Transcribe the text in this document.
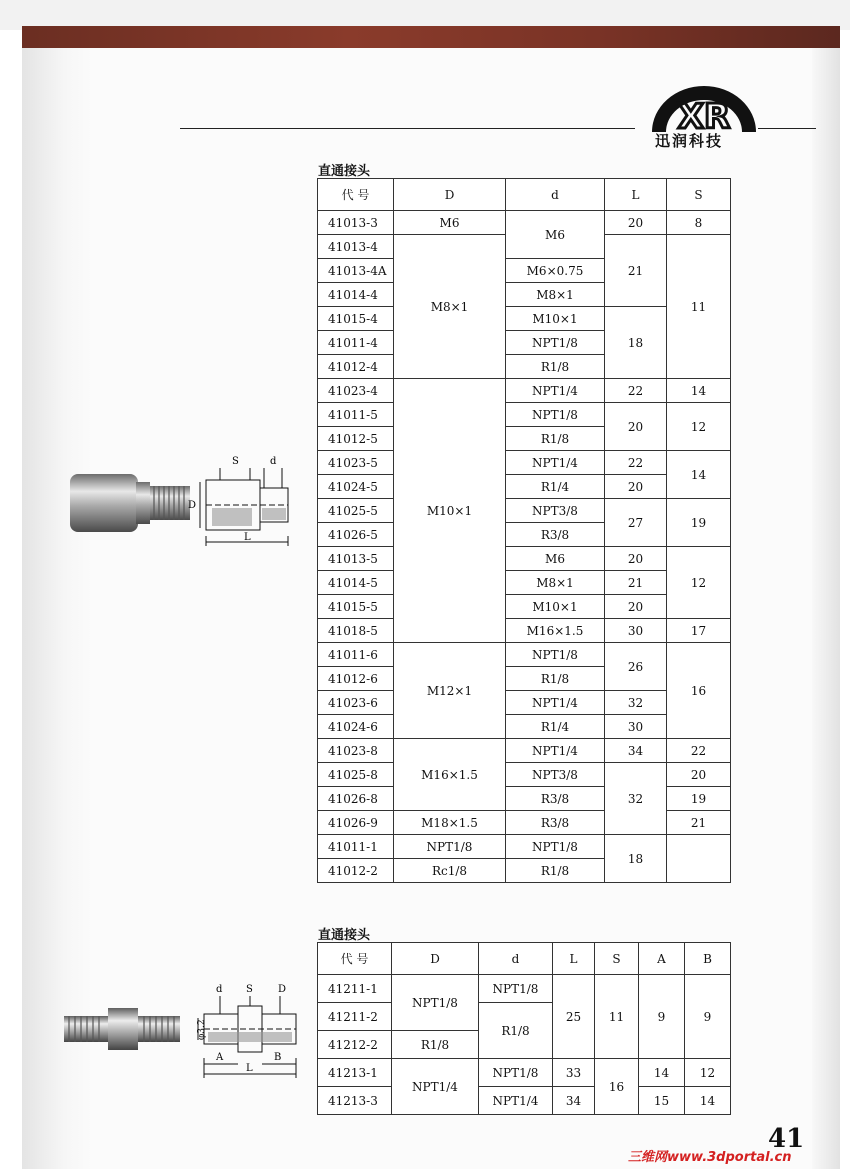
XR
迅润科技
直通接头
代 号	D	d	L	S
41013-3	M6	M6	20	8
41013-4	M8×1		21	11
41013-4A		M6×0.75		
41014-4		M8×1		
41015-4		M10×1	18	
41011-4		NPT1/8		
41012-4		R1/8		
41023-4	M10×1	NPT1/4	22	14
41011-5		NPT1/8	20	12
41012-5		R1/8		
41023-5		NPT1/4	22	14
41024-5		R1/4	20	
41025-5		NPT3/8	27	19
41026-5		R3/8		
41013-5		M6	20	12
41014-5		M8×1	21	
41015-5		M10×1	20	
41018-5		M16×1.5	30	17
41011-6	M12×1	NPT1/8	26	16
41012-6		R1/8		
41023-6		NPT1/4	32	
41024-6		R1/4	30	
41023-8	M16×1.5	NPT1/4	34	22
41025-8		NPT3/8	32	20
41026-8		R3/8		19
41026-9	M18×1.5	R3/8		21
41011-1	NPT1/8	NPT1/8	18	
41012-2	Rc1/8	R1/8		
S	d
D
L
直通接头
代 号	D	d	L	S	A	B
41211-1	NPT1/8	NPT1/8	25	11	9	9
41211-2		R1/8				
41212-2	R1/8					
41213-1	NPT1/4	NPT1/8	33	16	14	12
41213-3		NPT1/4	34		15	14
φ3.2
d S	D
A	B
L
41
三维网www.3dportal.cn
